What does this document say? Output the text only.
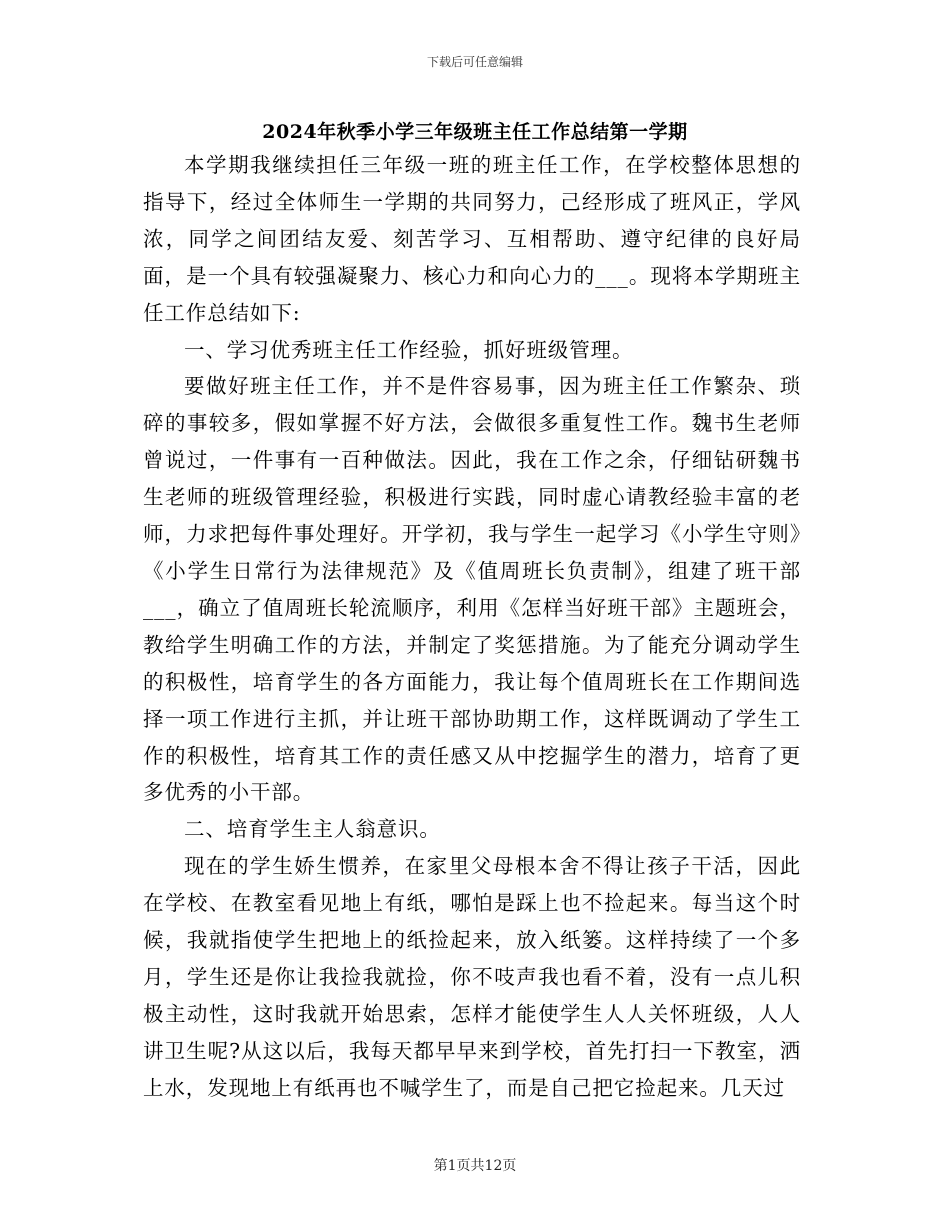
下载后可任意编辑
2024年秋季小学三年级班主任工作总结第一学期

本学期我继续担任三年级一班的班主任工作，在学校整体思想的指导下，经过全体师生一学期的共同努力，己经形成了班风正，学风浓，同学之间团结友爱、刻苦学习、互相帮助、遵守纪律的良好局面，是一个具有较强凝聚力、核心力和向心力的___。现将本学期班主任工作总结如下:

一、学习优秀班主任工作经验，抓好班级管理。

要做好班主任工作，并不是件容易事，因为班主任工作繁杂、琐碎的事较多，假如掌握不好方法，会做很多重复性工作。魏书生老师曾说过，一件事有一百种做法。因此，我在工作之余，仔细钻研魏书生老师的班级管理经验，积极进行实践，同时虚心请教经验丰富的老师，力求把每件事处理好。开学初，我与学生一起学习《小学生守则》《小学生日常行为法律规范》及《值周班长负责制》，组建了班干部___，确立了值周班长轮流顺序，利用《怎样当好班干部》主题班会，教给学生明确工作的方法，并制定了奖惩措施。为了能充分调动学生的积极性，培育学生的各方面能力，我让每个值周班长在工作期间选择一项工作进行主抓，并让班干部协助期工作，这样既调动了学生工作的积极性，培育其工作的责任感又从中挖掘学生的潜力，培育了更多优秀的小干部。

二、培育学生主人翁意识。

现在的学生娇生惯养，在家里父母根本舍不得让孩子干活，因此在学校、在教室看见地上有纸，哪怕是踩上也不捡起来。每当这个时候，我就指使学生把地上的纸捡起来，放入纸篓。这样持续了一个多月，学生还是你让我捡我就捡，你不吱声我也看不着，没有一点儿积极主动性，这时我就开始思索，怎样才能使学生人人关怀班级，人人讲卫生呢?从这以后，我每天都早早来到学校，首先打扫一下教室，洒上水，发现地上有纸再也不喊学生了，而是自己把它捡起来。几天过

第1页共12页
